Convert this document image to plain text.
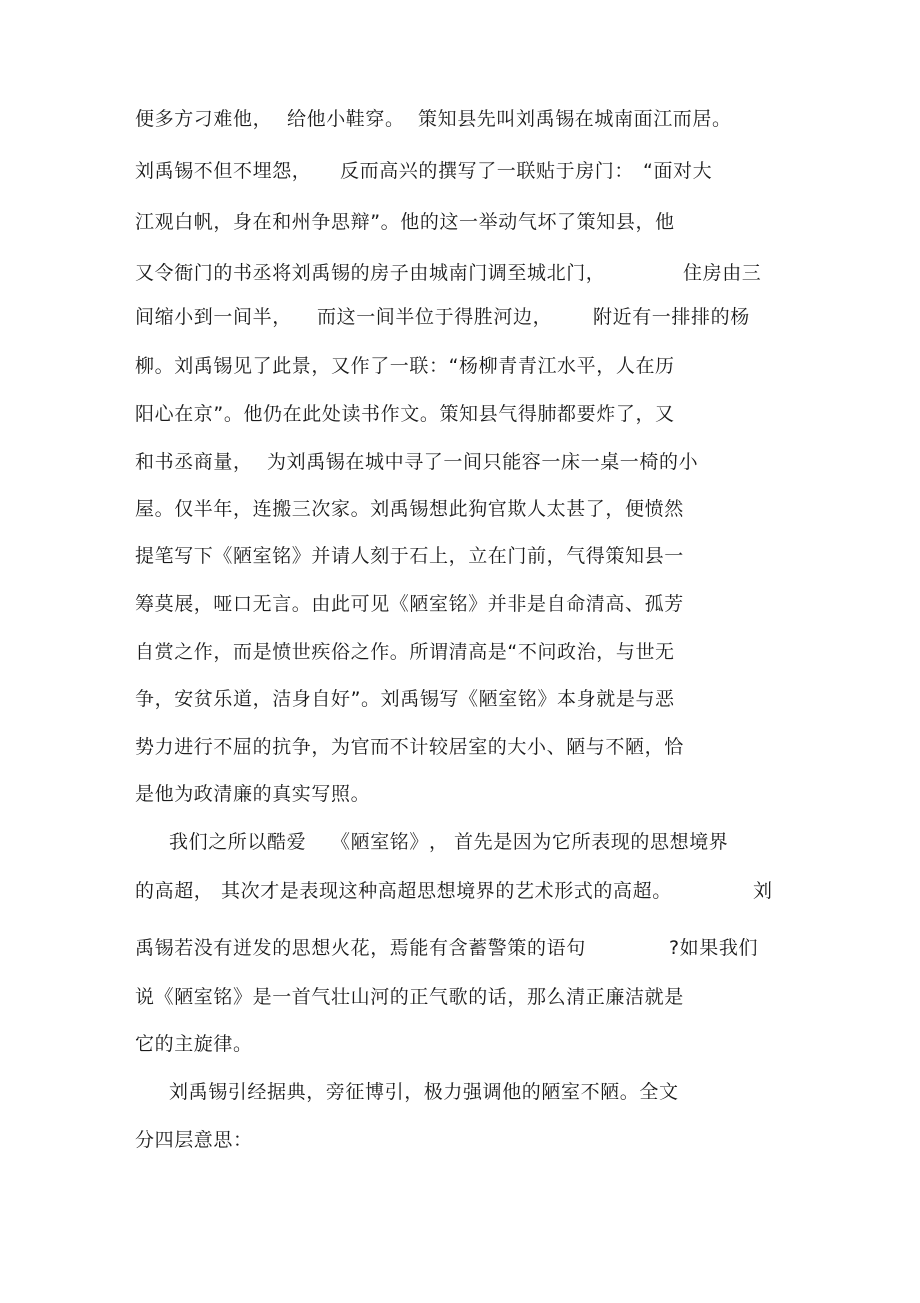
便多方刁难他，

给他小鞋穿。

策知县先叫刘禹锡在城南面江而居。

刘禹锡不但不埋怨，

反而高兴的撰写了一联贴于房门：

“面对大

江观白帆，身在和州争思辩”。他的这一举动气坏了策知县，他

又令衙门的书丞将刘禹锡的房子由城南门调至城北门，

	住房由三

间缩小到一间半，

而这一间半位于得胜河边，

附近有一排排的杨

柳。刘禹锡见了此景，又作了一联：“杨柳青青江水平，人在历

阳心在京”。他仍在此处读书作文。策知县气得肺都要炸了，又

和书丞商量，

为刘禹锡在城中寻了一间只能容一床一桌一椅的小

屋。仅半年，连搬三次家。刘禹锡想此狗官欺人太甚了，便愤然

提笔写下《陋室铭》并请人刻于石上，立在门前，气得策知县一

筹莫展，哑口无言。由此可见《陋室铭》并非是自命清高、孤芳

自赏之作，而是愤世疾俗之作。所谓清高是“不问政治，与世无

争，安贫乐道，洁身自好”。刘禹锡写《陋室铭》本身就是与恶

势力进行不屈的抗争，为官而不计较居室的大小、陋与不陋，恰

是他为政清廉的真实写照。

我们之所以酷爱

《陋室铭》

，

首先是因为它所表现的思想境界

的高超，

其次才是表现这种高超思想境界的艺术形式的高超。

	刘

禹锡若没有迸发的思想火花，焉能有含蓄警策的语句

	?如果我们

说《陋室铭》是一首气壮山河的正气歌的话，那么清正廉洁就是

它的主旋律。

刘禹锡引经据典，旁征博引，极力强调他的陋室不陋。全文

分四层意思：
